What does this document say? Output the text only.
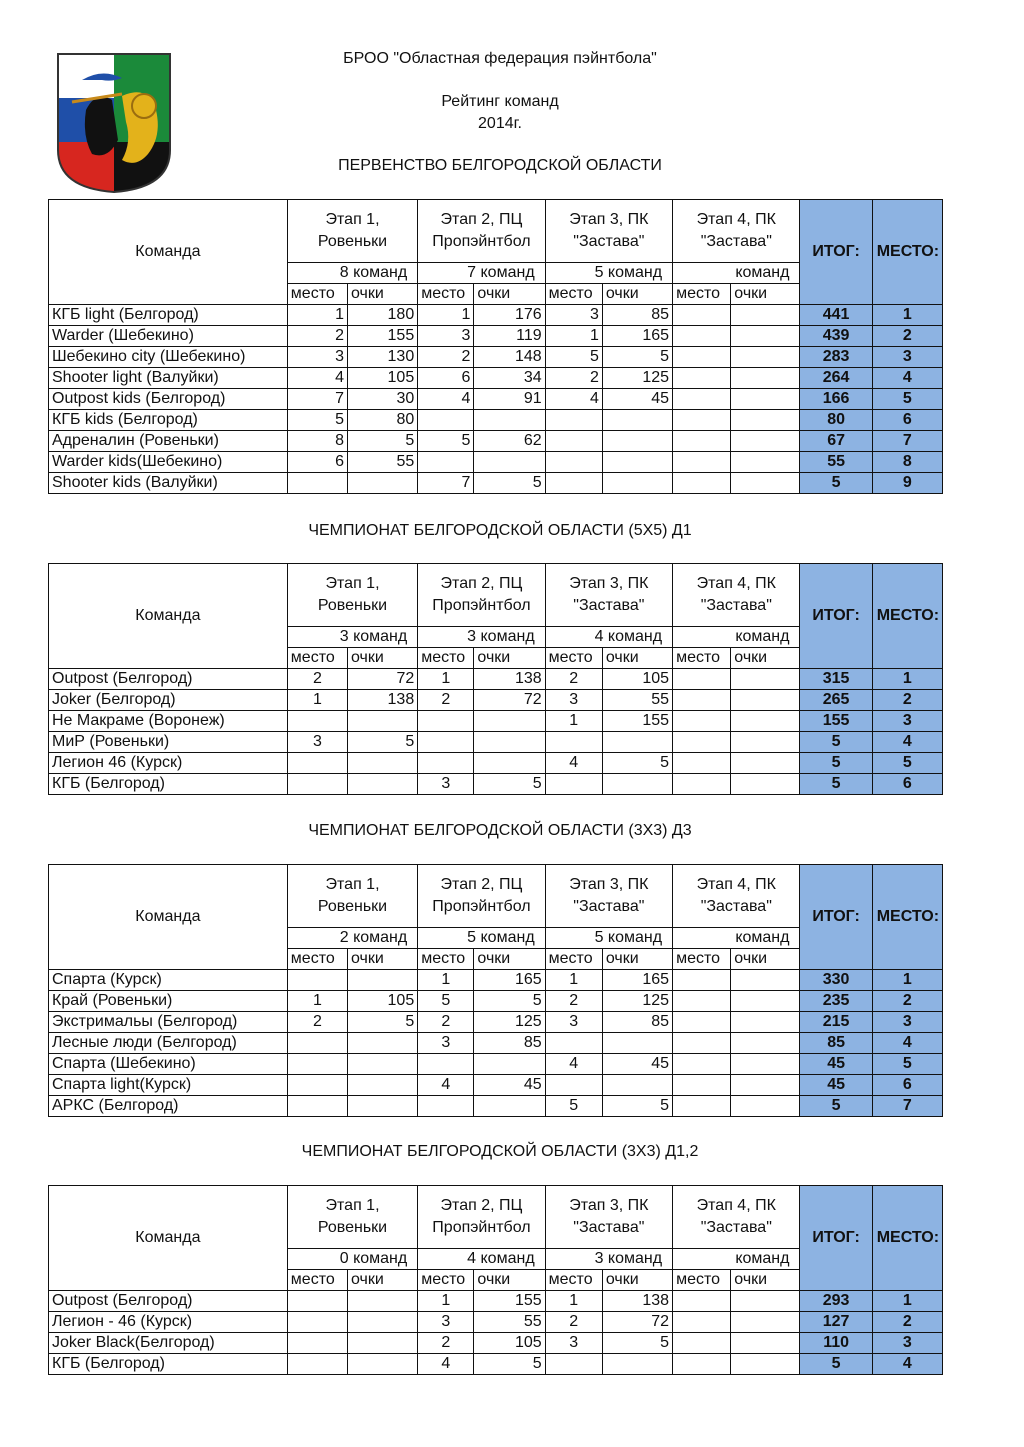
БРОО "Областная федерация пэйнтбола"
Рейтинг команд
2014г.
ПЕРВЕНСТВО БЕЛГОРОДСКОЙ ОБЛАСТИ
ЧЕМПИОНАТ БЕЛГОРОДСКОЙ ОБЛАСТИ (5Х5) Д1
ЧЕМПИОНАТ БЕЛГОРОДСКОЙ ОБЛАСТИ (3Х3) Д3
ЧЕМПИОНАТ БЕЛГОРОДСКОЙ ОБЛАСТИ (3Х3) Д1,2
Команда	Этап 1, Ровеньки		Этап 2, ПЦ Пропэйнтбол		Этап 3, ПК "Застава"		Этап 4, ПК "Застава"		ИТОГ:	МЕСТО:
	8 команд		7 команд		5 команд		команд			
	место	очки	место	очки	место	очки	место	очки		
КГБ light (Белгород)	1	180	1	176	3	85			441	1
Warder (Шебекино)	2	155	3	119	1	165			439	2
Шебекино city (Шебекино)	3	130	2	148	5	5			283	3
Shooter light (Валуйки)	4	105	6	34	2	125			264	4
Outpost kids (Белгород)	7	30	4	91	4	45			166	5
КГБ kids (Белгород)	5	80							80	6
Адреналин (Ровеньки)	8	5	5	62					67	7
Warder kids(Шебекино)	6	55							55	8
Shooter kids (Валуйки)			7	5					5	9
Команда	Этап 1, Ровеньки		Этап 2, ПЦ Пропэйнтбол		Этап 3, ПК "Застава"		Этап 4, ПК "Застава"		ИТОГ:	МЕСТО:
	3 команд		3 команд		4 команд		команд			
	место	очки	место	очки	место	очки	место	очки		
Outpost (Белгород)	2	72	1	138	2	105			315	1
Joker (Белгород)	1	138	2	72	3	55			265	2
Не Макраме (Воронеж)					1	155			155	3
МиР (Ровеньки)	3	5							5	4
Легион 46 (Курск)					4	5			5	5
КГБ (Белгород)			3	5					5	6
Команда	Этап 1, Ровеньки		Этап 2, ПЦ Пропэйнтбол		Этап 3, ПК "Застава"		Этап 4, ПК "Застава"		ИТОГ:	МЕСТО:
	2 команд		5 команд		5 команд		команд			
	место	очки	место	очки	место	очки	место	очки		
Спарта (Курск)			1	165	1	165			330	1
Край (Ровеньки)	1	105	5	5	2	125			235	2
Экстримальы (Белгород)	2	5	2	125	3	85			215	3
Лесные люди (Белгород)			3	85					85	4
Спарта (Шебекино)					4	45			45	5
Спарта light(Курск)			4	45					45	6
АРКС (Белгород)					5	5			5	7
Команда	Этап 1, Ровеньки		Этап 2, ПЦ Пропэйнтбол		Этап 3, ПК "Застава"		Этап 4, ПК "Застава"		ИТОГ:	МЕСТО:
	0 команд		4 команд		3 команд		команд			
	место	очки	место	очки	место	очки	место	очки		
Outpost (Белгород)			1	155	1	138			293	1
Легион - 46 (Курск)			3	55	2	72			127	2
Joker Black(Белгород)			2	105	3	5			110	3
КГБ (Белгород)			4	5					5	4
